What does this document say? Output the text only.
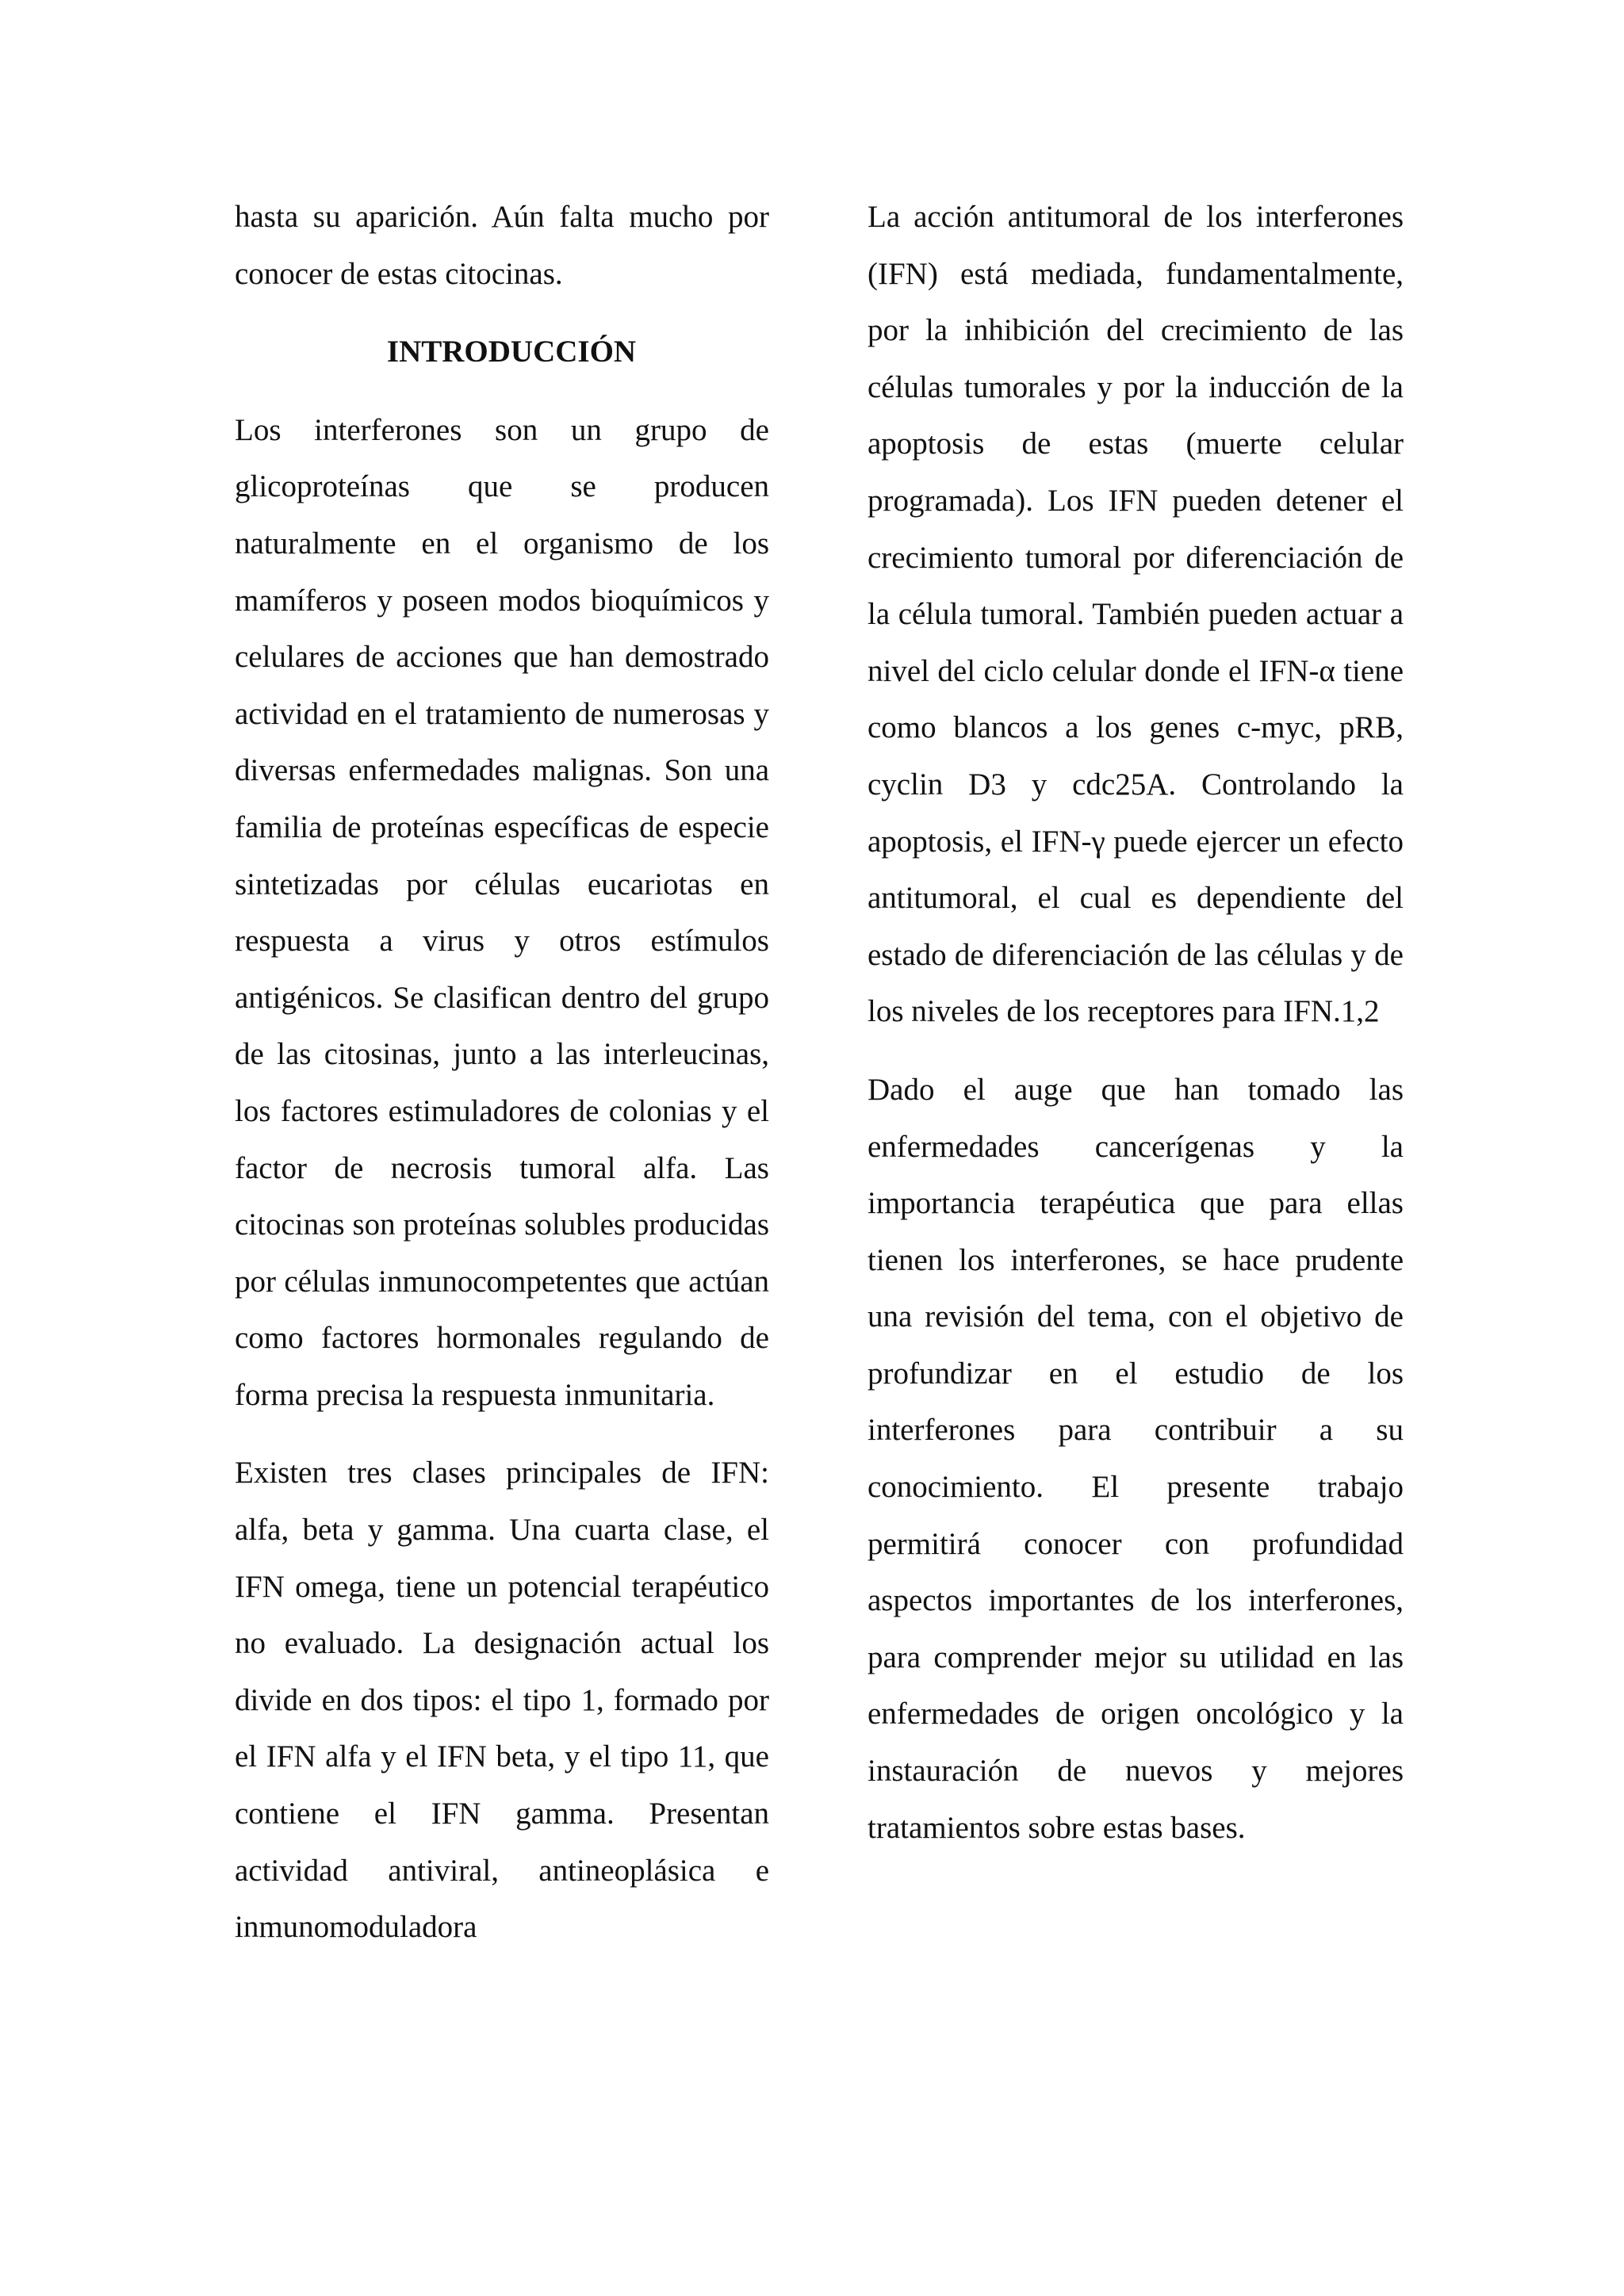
hasta su aparición. Aún falta mucho por conocer de estas citocinas.

INTRODUCCIÓN

Los interferones son un grupo de glicoproteínas que se producen naturalmente en el organismo de los mamíferos y poseen modos bioquímicos y celulares de acciones que han demostrado actividad en el tratamiento de numerosas y diversas enfermedades malignas. Son una familia de proteínas específicas de especie sintetizadas por células eucariotas en respuesta a virus y otros estímulos antigénicos. Se clasifican dentro del grupo de las citosinas, junto a las interleucinas, los factores estimuladores de colonias y el factor de necrosis tumoral alfa. Las citocinas son proteínas solubles producidas por células inmunocompetentes que actúan como factores hormonales regulando de forma precisa la respuesta inmunitaria.

Existen tres clases principales de IFN: alfa, beta y gamma. Una cuarta clase, el IFN omega, tiene un potencial terapéutico no evaluado. La designación actual los divide en dos tipos: el tipo 1, formado por el IFN alfa y el IFN beta, y el tipo 11, que contiene el IFN gamma. Presentan actividad antiviral, antineoplásica e inmunomoduladora

La acción antitumoral de los interferones (IFN) está mediada, fundamentalmente, por la inhibición del crecimiento de las células tumorales y por la inducción de la apoptosis de estas (muerte celular programada). Los IFN pueden detener el crecimiento tumoral por diferenciación de la célula tumoral. También pueden actuar a nivel del ciclo celular donde el IFN-α tiene como blancos a los genes c-myc, pRB, cyclin D3 y cdc25A. Controlando la apoptosis, el IFN-γ puede ejercer un efecto antitumoral, el cual es dependiente del estado de diferenciación de las células y de los niveles de los receptores para IFN.1,2

Dado el auge que han tomado las enfermedades cancerígenas y la importancia terapéutica que para ellas tienen los interferones, se hace prudente una revisión del tema, con el objetivo de profundizar en el estudio de los interferones para contribuir a su conocimiento. El presente trabajo permitirá conocer con profundidad aspectos importantes de los interferones, para comprender mejor su utilidad en las enfermedades de origen oncológico y la instauración de nuevos y mejores tratamientos sobre estas bases.
